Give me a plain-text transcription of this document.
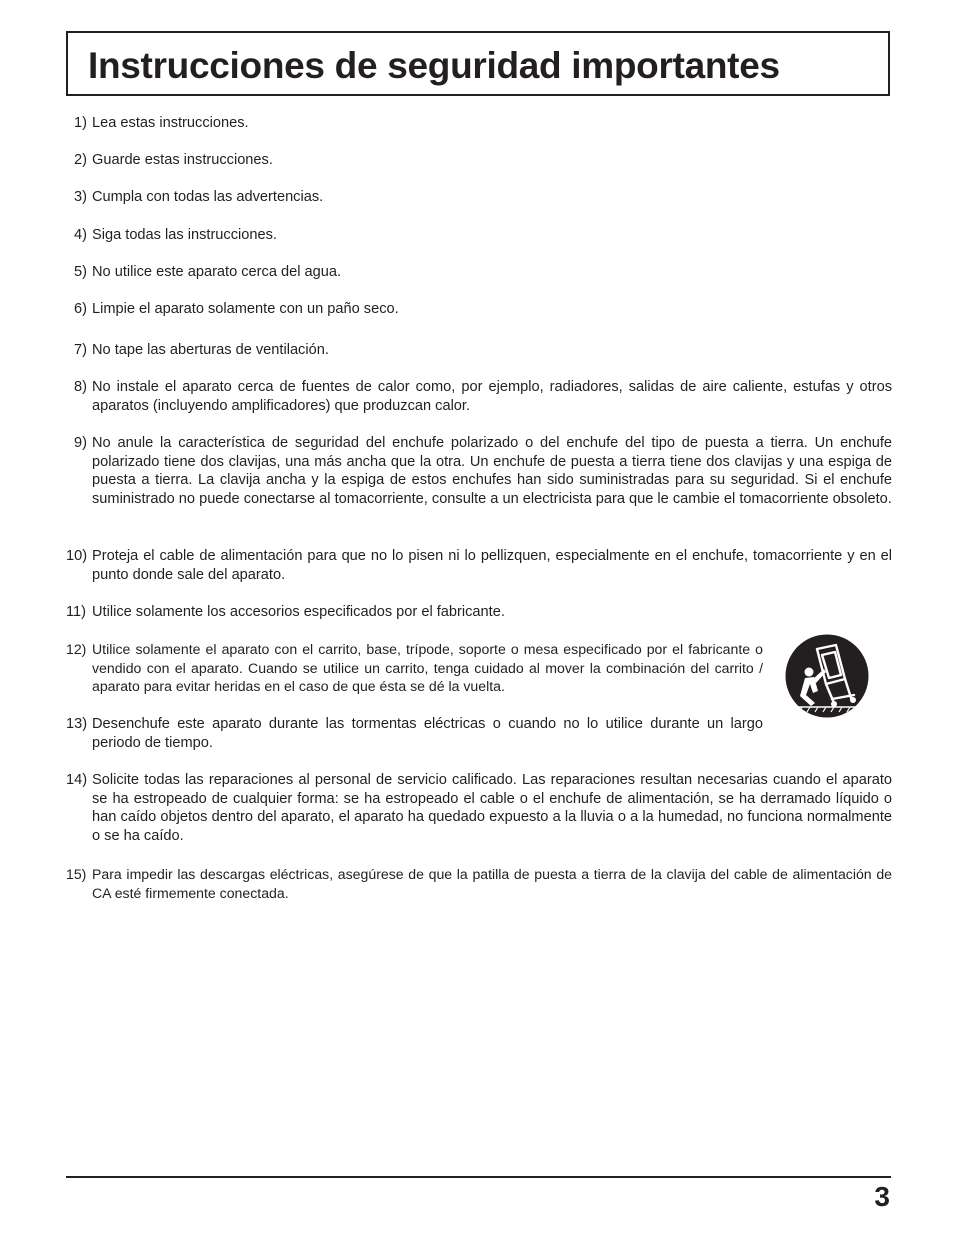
Instrucciones de seguridad importantes
1) Lea estas instrucciones.
2) Guarde estas instrucciones.
3) Cumpla con todas las advertencias.
4) Siga todas las instrucciones.
5) No utilice este aparato cerca del agua.
6) Limpie el aparato solamente con un paño seco.
7) No tape las aberturas de ventilación.
8) No instale el aparato cerca de fuentes de calor como, por ejemplo, radiadores, salidas de aire caliente, estufas y otros aparatos (incluyendo amplificadores) que produzcan calor.
9) No anule la característica de seguridad del enchufe polarizado o del enchufe del tipo de puesta a tierra. Un enchufe polarizado tiene dos clavijas, una más ancha que la otra. Un enchufe de puesta a tierra tiene dos clavijas y una espiga de puesta a tierra. La clavija ancha y la espiga de estos enchufes han sido suministradas para su seguridad. Si el enchufe suministrado no puede conectarse al tomacorriente, consulte a un electricista para que le cambie el tomacorriente obsoleto.
10) Proteja el cable de alimentación para que no lo pisen ni lo pellizquen, especialmente en el enchufe, tomacorriente y en el punto donde sale del aparato.
11) Utilice solamente los accesorios especificados por el fabricante.
12) Utilice solamente el aparato con el carrito, base, trípode, soporte o mesa especificado por el fabricante o vendido con el aparato. Cuando se utilice un carrito, tenga cuidado al mover la combinación del carrito / aparato para evitar heridas en el caso de que ésta se dé la vuelta.
13) Desenchufe este aparato durante las tormentas eléctricas o cuando no lo utilice durante un largo periodo de tiempo.
14) Solicite todas las reparaciones al personal de servicio calificado. Las reparaciones resultan necesarias cuando el aparato se ha estropeado de cualquier forma: se ha estropeado el cable o el enchufe de alimentación, se ha derramado líquido o han caído objetos dentro del aparato, el aparato ha quedado expuesto a la lluvia o a la humedad, no funciona normalmente o se ha caído.
15) Para impedir las descargas eléctricas, asegúrese de que la patilla de puesta a tierra de la clavija del cable de alimentación de CA esté firmemente conectada.
3
